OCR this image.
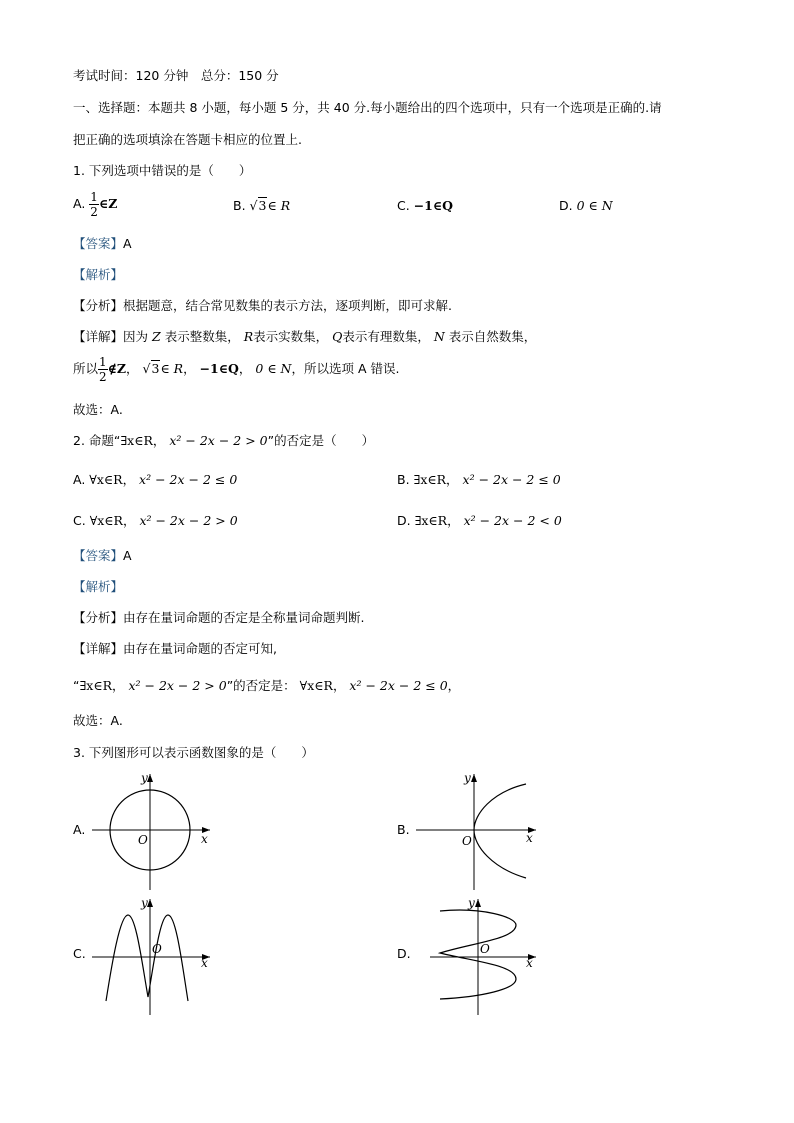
考试时间：120 分钟　总分：150 分
一、选择题：本题共 8 小题，每小题 5 分，共 40 分.每小题给出的四个选项中，只有一个选项是正确的.请
把正确的选项填涂在答题卡相应的位置上.
1. 下列选项中错误的是（　　）
A. $\frac{1}{2}$ ∈Z	B. √3∈ R	C. −1∈Q	D. 0 ∈ N
【答案】A
【解析】
【分析】根据题意，结合常见数集的表示方法，逐项判断，即可求解.
【详解】因为 Z 表示整数集， R表示实数集， Q表示有理数集， N 表示自然数集，
所以 $\frac{1}{2}$ ∉Z， √3∈ R， −1∈Q， 0 ∈ N，所以选项 A 错误.
故选：A.
2. 命题“∃x∈R， x² − 2x − 2 > 0”的否定是（　　）
A. ∀x∈R， x² − 2x − 2 ≤ 0	B. ∃x∈R， x² − 2x − 2 ≤ 0
C. ∀x∈R， x² − 2x − 2 > 0	D. ∃x∈R， x² − 2x − 2 < 0
【答案】A
【解析】
【分析】由存在量词命题的否定是全称量词命题判断.
【详解】由存在量词命题的否定可知,
“∃x∈R， x² − 2x − 2 > 0”的否定是： ∀x∈R， x² − 2x − 2 ≤ 0，
故选：A.
3. 下列图形可以表示函数图象的是（　　）
A.
x
y
O
B.
x
y
O
C.
x
y
O	D.
x
y
O
